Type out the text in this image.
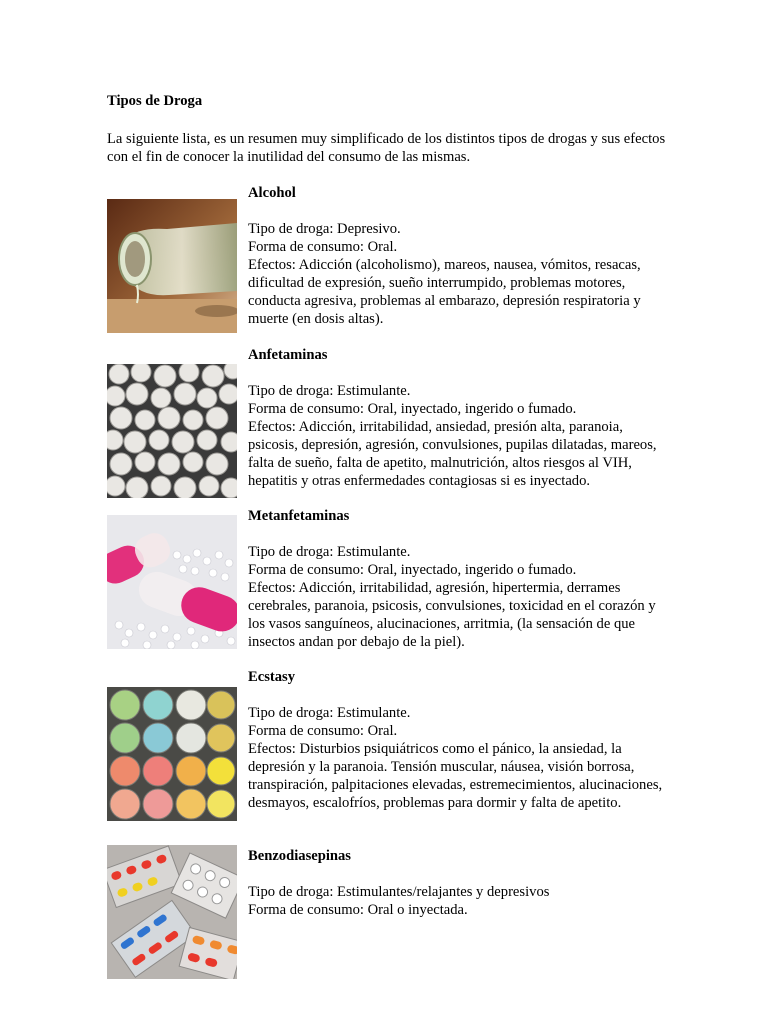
Tipos de Droga

La siguiente lista, es un resumen muy simplificado de los distintos tipos de drogas y sus efectos con el fin de conocer la inutilidad del consumo de las mismas.

Alcohol

Tipo de droga: Depresivo.
Forma de consumo: Oral.
Efectos: Adicción (alcoholismo), mareos, nausea, vómitos, resacas, dificultad de expresión, sueño interrumpido, problemas motores, conducta agresiva, problemas al embarazo, depresión respiratoria y muerte (en dosis altas).

Anfetaminas

Tipo de droga: Estimulante.
Forma de consumo: Oral, inyectado, ingerido o fumado.
Efectos: Adicción, irritabilidad, ansiedad, presión alta, paranoia, psicosis, depresión, agresión, convulsiones, pupilas dilatadas, mareos, falta de sueño, falta de apetito, malnutrición, altos riesgos al VIH, hepatitis y otras enfermedades contagiosas si es inyectado.

Metanfetaminas

Tipo de droga: Estimulante.
Forma de consumo: Oral, inyectado, ingerido o fumado.
Efectos: Adicción, irritabilidad, agresión, hipertermia, derrames cerebrales, paranoia, psicosis, convulsiones, toxicidad en el corazón y los vasos sanguíneos, alucinaciones, arritmia, (la sensación de que insectos andan por debajo de la piel).

Ecstasy

Tipo de droga: Estimulante.
Forma de consumo: Oral.
Efectos: Disturbios psiquiátricos como el pánico, la ansiedad, la depresión y la paranoia. Tensión muscular, náusea, visión borrosa, transpiración, palpitaciones elevadas, estremecimientos, alucinaciones, desmayos, escalofríos, problemas para dormir y falta de apetito.

Benzodiasepinas

Tipo de droga: Estimulantes/relajantes y depresivos
Forma de consumo: Oral o inyectada.
